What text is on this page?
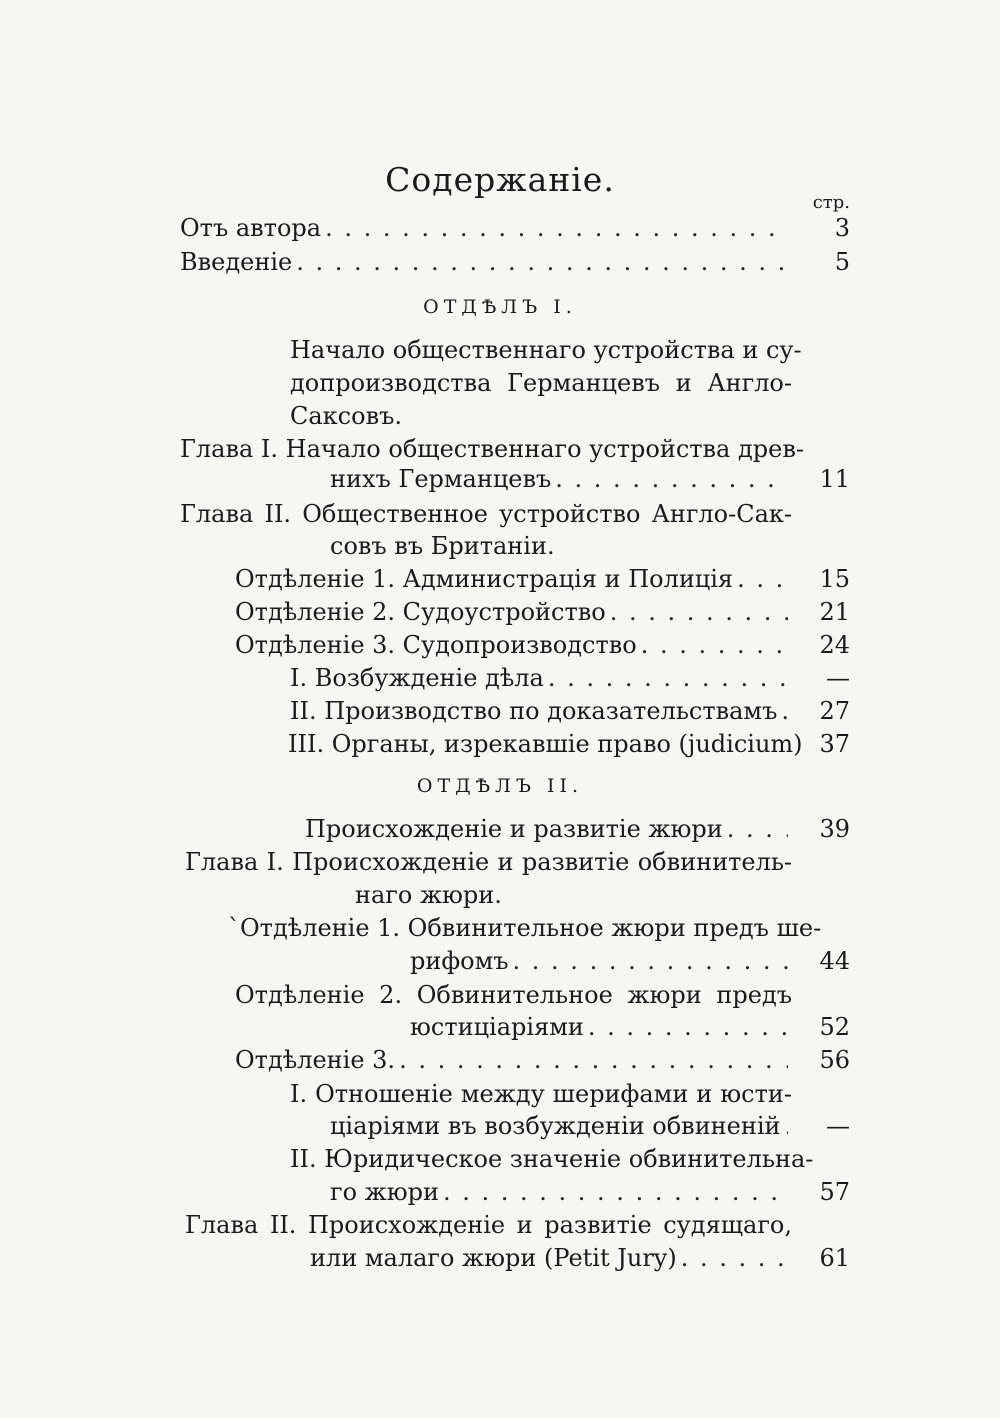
Содержаніе.
стр.
Отъ автора . . .	3
Введеніе . . .	5
ОТДѢЛЪ I.
Начало общественнаго устройства и су-
допроизводства Германцевъ и Англо-
Саксовъ.
Глава I. Начало общественнаго устройства древ-
нихъ Германцевъ . . .	11
Глава II. Общественное устройство Англо-Сак-
совъ въ Британіи.
Отдѣленіе 1. Администрація и Полиція . . .	15
Отдѣленіе 2. Судоустройство . . .	21
Отдѣленіе 3. Судопроизводство . . .	24
I. Возбужденіе дѣла . . .	—
II. Производство по доказательствамъ . . .	27
III. Органы, изрекавшіе право (judicium) 37
ОТДѢЛЪ II.
Происхожденіе и развитіе жюри . . .	39
Глава I. Происхожденіе и развитіе обвинитель-
наго жюри.
`Отдѣленіе 1. Обвинительное жюри предъ ше-
рифомъ . . .	44
Отдѣленіе 2. Обвинительное жюри предъ
юстиціаріями . . .	52
Отдѣленіе 3. . . .	56
I. Отношеніе между шерифами и юсти-
ціаріями въ возбужденіи обвиненій . . .	—
II. Юридическое значеніе обвинительна-
го жюри . . .	57
Глава II. Происхожденіе и развитіе судящаго,
или малаго жюри (Petit Jury) . . .	61
